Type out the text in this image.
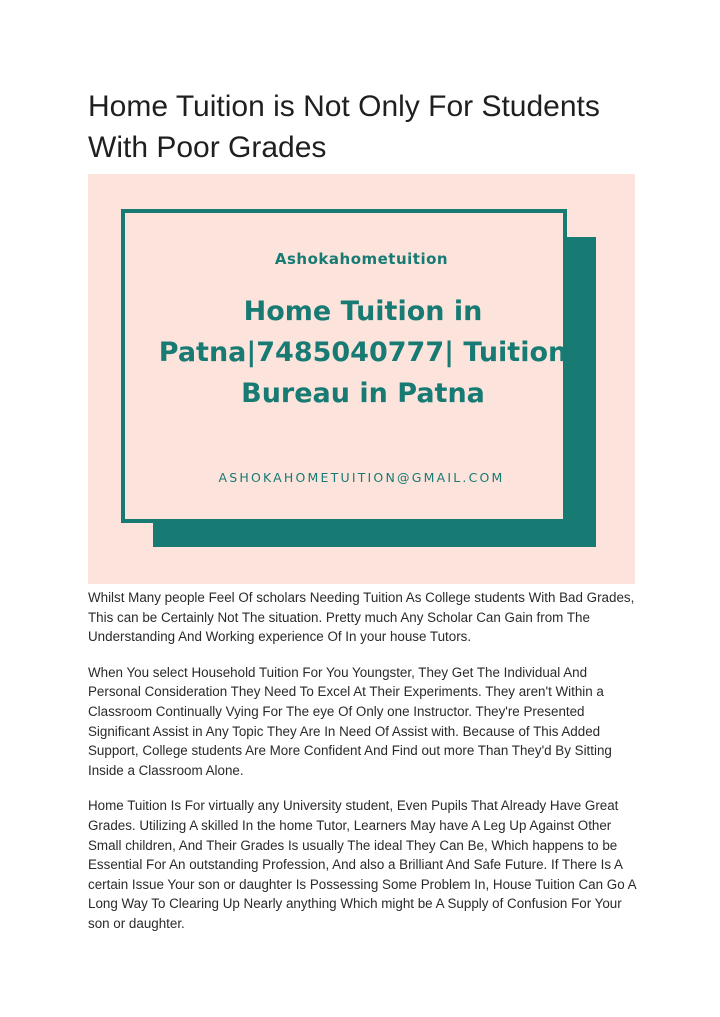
Home Tuition is Not Only For Students With Poor Grades
Ashokahometuition
Home Tuition in Patna|7485040777| Tuition Bureau in Patna
ASHOKAHOMETUITION@GMAIL.COM

Whilst Many people Feel Of scholars Needing Tuition As College students With Bad Grades, This can be Certainly Not The situation. Pretty much Any Scholar Can Gain from The Understanding And Working experience Of In your house Tutors.

When You select Household Tuition For You Youngster, They Get The Individual And Personal Consideration They Need To Excel At Their Experiments. They aren't Within a Classroom Continually Vying For The eye Of Only one Instructor. They're Presented Significant Assist in Any Topic They Are In Need Of Assist with. Because of This Added Support, College students Are More Confident And Find out more Than They'd By Sitting Inside a Classroom Alone.

Home Tuition Is For virtually any University student, Even Pupils That Already Have Great Grades. Utilizing A skilled In the home Tutor, Learners May have A Leg Up Against Other Small children, And Their Grades Is usually The ideal They Can Be, Which happens to be Essential For An outstanding Profession, And also a Brilliant And Safe Future. If There Is A certain Issue Your son or daughter Is Possessing Some Problem In, House Tuition Can Go A Long Way To Clearing Up Nearly anything Which might be A Supply of Confusion For Your son or daughter.
